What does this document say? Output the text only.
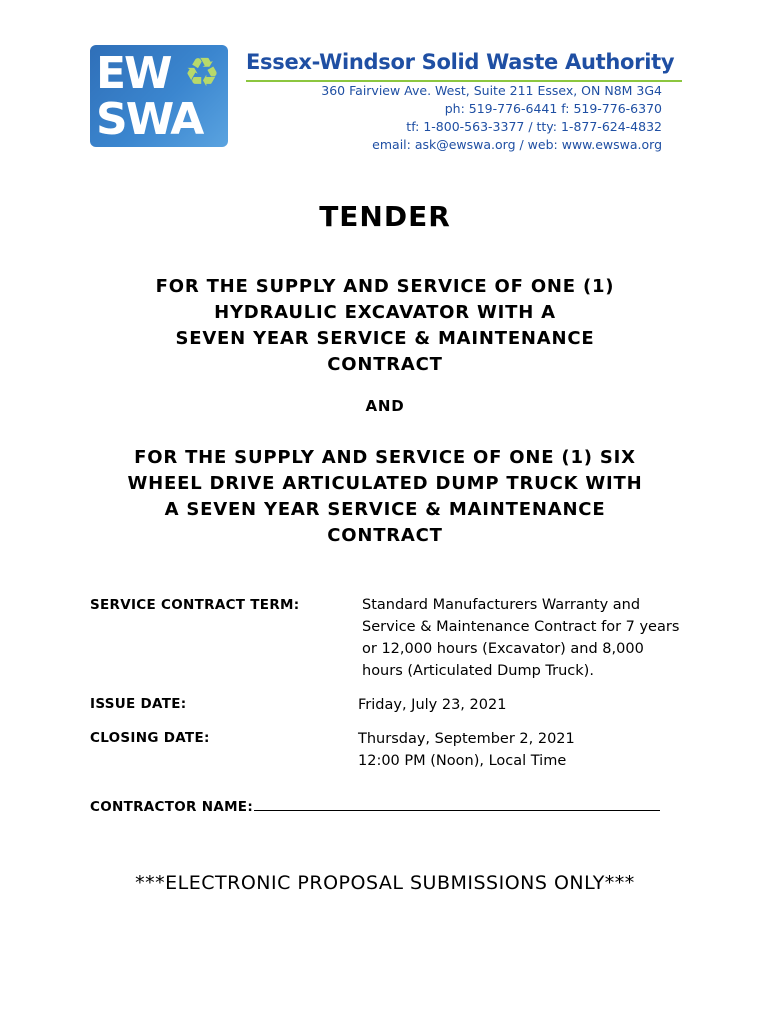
EW ♻
SWA
Essex-Windsor Solid Waste Authority
360 Fairview Ave. West, Suite 211 Essex, ON N8M 3G4
ph: 519-776-6441 f: 519-776-6370
tf: 1-800-563-3377 / tty: 1-877-624-4832
email: ask@ewswa.org / web: www.ewswa.org
TENDER
FOR THE SUPPLY AND SERVICE OF ONE (1)
HYDRAULIC EXCAVATOR WITH A
SEVEN YEAR SERVICE & MAINTENANCE
CONTRACT
AND
FOR THE SUPPLY AND SERVICE OF ONE (1) SIX
WHEEL DRIVE ARTICULATED DUMP TRUCK WITH
A SEVEN YEAR SERVICE & MAINTENANCE
CONTRACT
SERVICE CONTRACT TERM:	Standard Manufacturers Warranty and
Service & Maintenance Contract for 7 years
or 12,000 hours (Excavator) and 8,000
hours (Articulated Dump Truck).
ISSUE DATE:	Friday, July 23, 2021
CLOSING DATE:	Thursday, September 2, 2021
12:00 PM (Noon), Local Time
CONTRACTOR NAME:
***ELECTRONIC PROPOSAL SUBMISSIONS ONLY***
